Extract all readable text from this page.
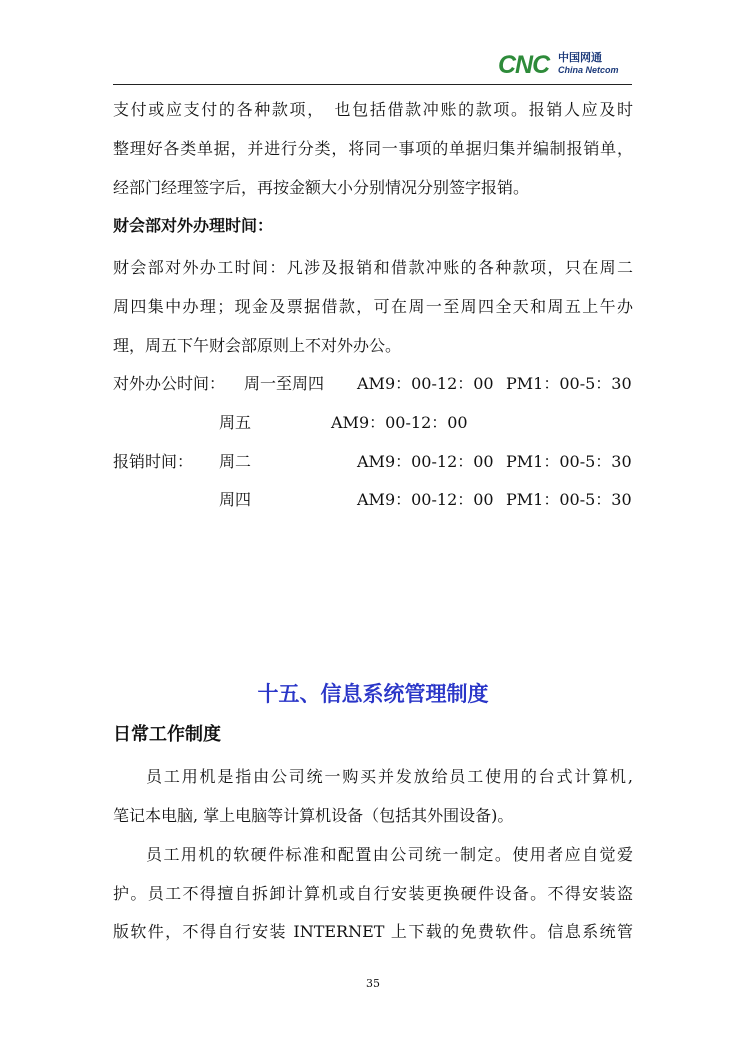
CNC 中国网通
China Netcom
支付或应支付的各种款项，　也包括借款冲账的款项。报销人应及时
整理好各类单据，并进行分类，将同一事项的单据归集并编制报销单，
经部门经理签字后，再按金额大小分别情况分别签字报销。
财会部对外办理时间：
财会部对外办工时间：凡涉及报销和借款冲账的各种款项，只在周二
周四集中办理；现金及票据借款，可在周一至周四全天和周五上午办
理，周五下午财会部原则上不对外办公。
对外办公时间： 周一至周四 AM9：00-12：00 PM1：00-5：30
周五	AM9：00-12：00
报销时间： 周二	AM9：00-12：00 PM1：00-5：30
周四	AM9：00-12：00 PM1：00-5：30
十五、信息系统管理制度
日常工作制度
员工用机是指由公司统一购买并发放给员工使用的台式计算机,
笔记本电脑, 掌上电脑等计算机设备（包括其外围设备)。
员工用机的软硬件标准和配置由公司统一制定。使用者应自觉爱
护。员工不得擅自拆卸计算机或自行安装更换硬件设备。不得安装盗
版软件，不得自行安装 INTERNET 上下载的免费软件。信息系统管
35
